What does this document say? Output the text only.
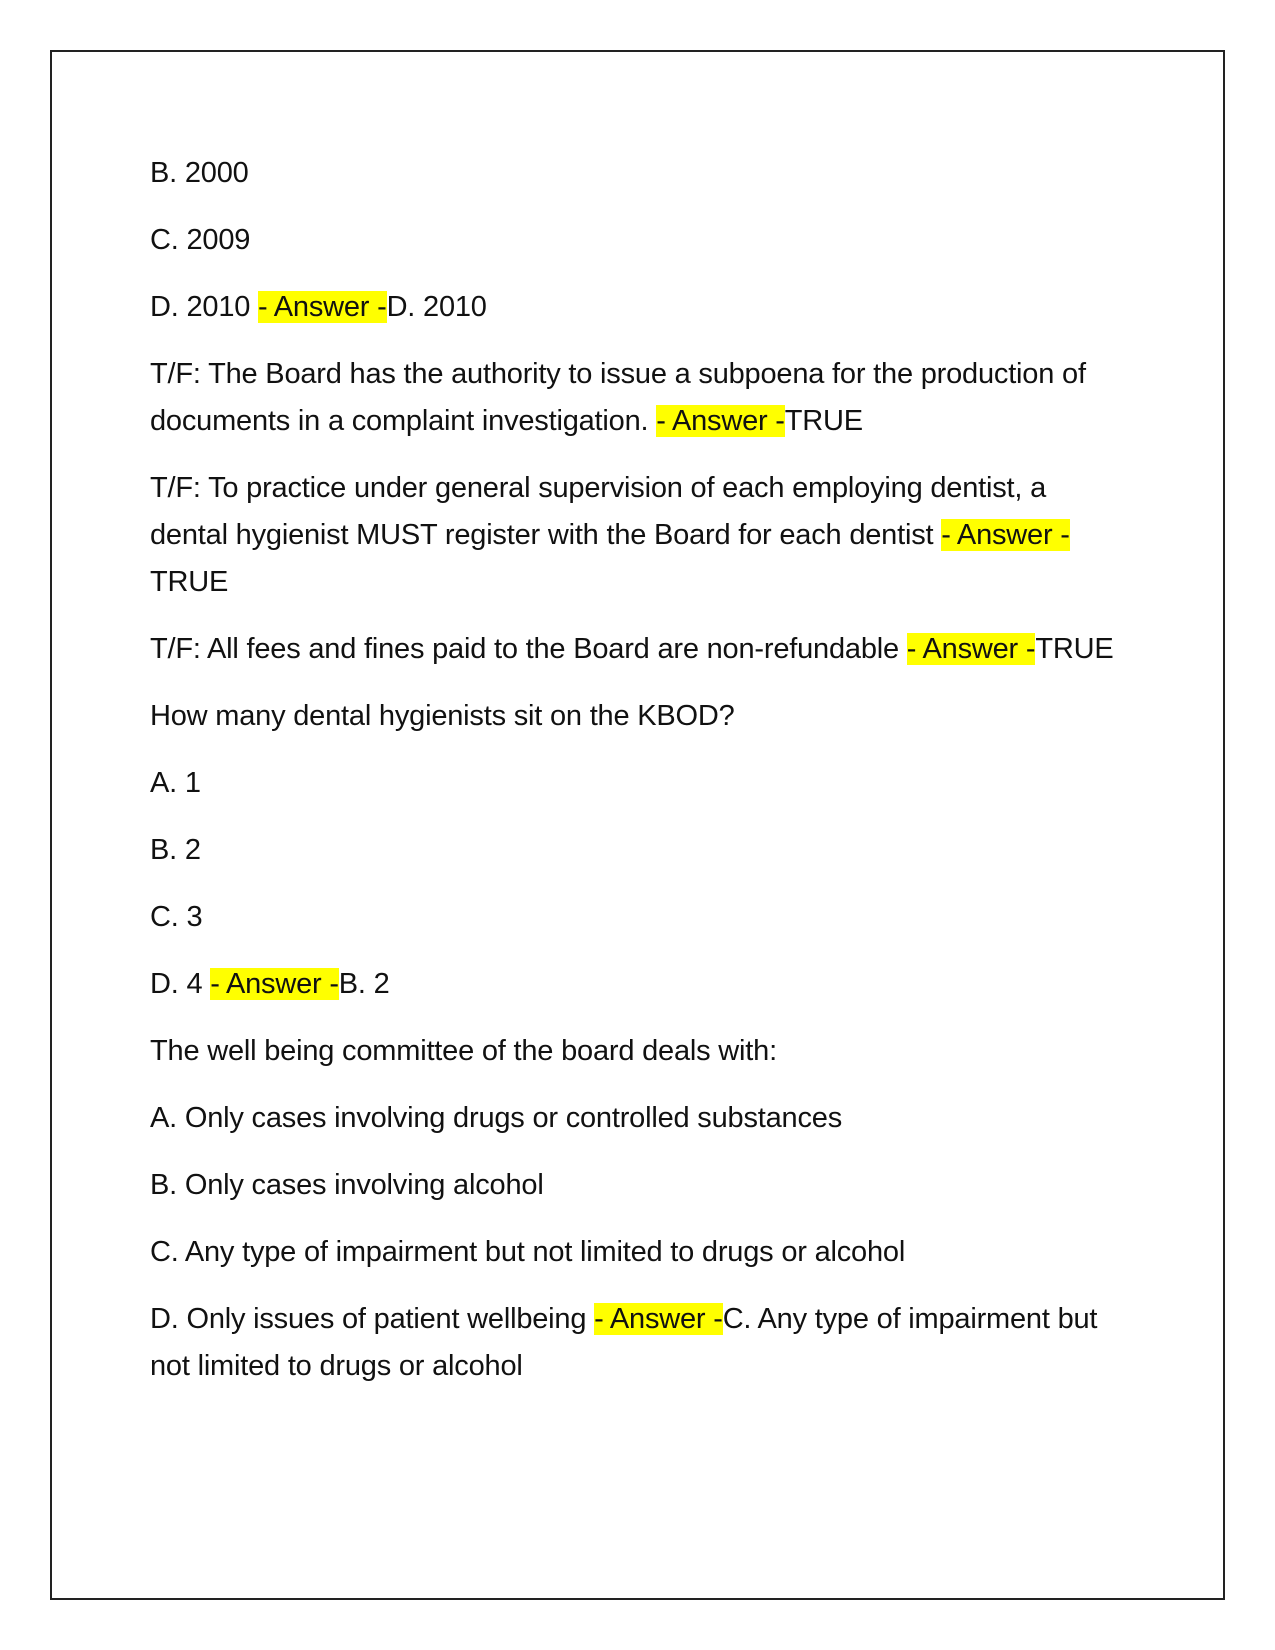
B. 2000

C. 2009

D. 2010 - Answer -D. 2010

T/F: The Board has the authority to issue a subpoena for the production of documents in a complaint investigation. - Answer -TRUE

T/F: To practice under general supervision of each employing dentist, a dental hygienist MUST register with the Board for each dentist - Answer -TRUE

T/F: All fees and fines paid to the Board are non-refundable - Answer -TRUE

How many dental hygienists sit on the KBOD?

A. 1

B. 2

C. 3

D. 4 - Answer -B. 2

The well being committee of the board deals with:

A. Only cases involving drugs or controlled substances

B. Only cases involving alcohol

C. Any type of impairment but not limited to drugs or alcohol

D. Only issues of patient wellbeing - Answer -C. Any type of impairment but not limited to drugs or alcohol
